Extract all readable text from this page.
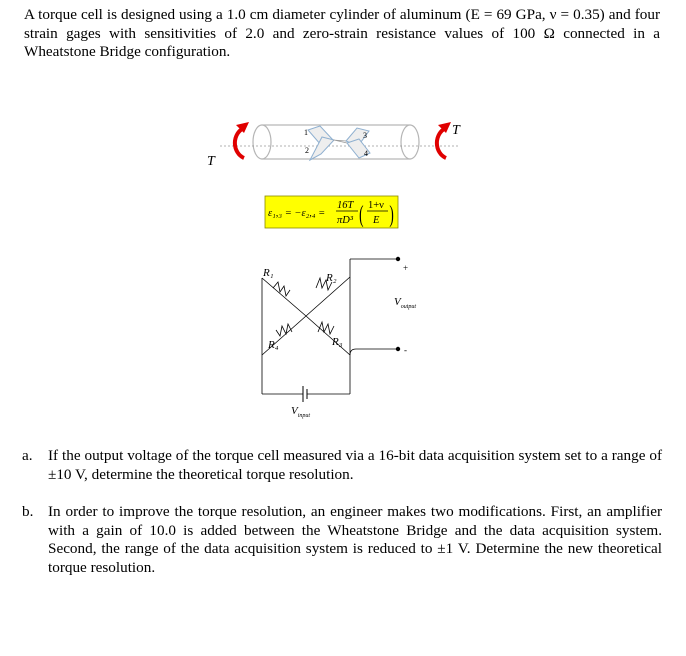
A torque cell is designed using a 1.0 cm diameter cylinder of aluminum (E = 69 GPa, ν = 0.35) and four strain gages with sensitivities of 2.0 and zero-strain resistance values of 100 Ω connected in a Wheatstone Bridge configuration.

1
2
3
4
T
T
ε₁,₃ = −ε₂,₄ =
16T
πD³ ( 1+ν
E )
+
-
R₁	R₂
R₄	R₃
$V_{output}$
$V_{input}$
a. If the output voltage of the torque cell measured via a 16-bit data acquisition system set to a range of ±10 V, determine the theoretical torque resolution.
b. In order to improve the torque resolution, an engineer makes two modifications. First, an amplifier with a gain of 10.0 is added between the Wheatstone Bridge and the data acquisition system. Second, the range of the data acquisition system is reduced to ±1 V. Determine the new theoretical torque resolution.
